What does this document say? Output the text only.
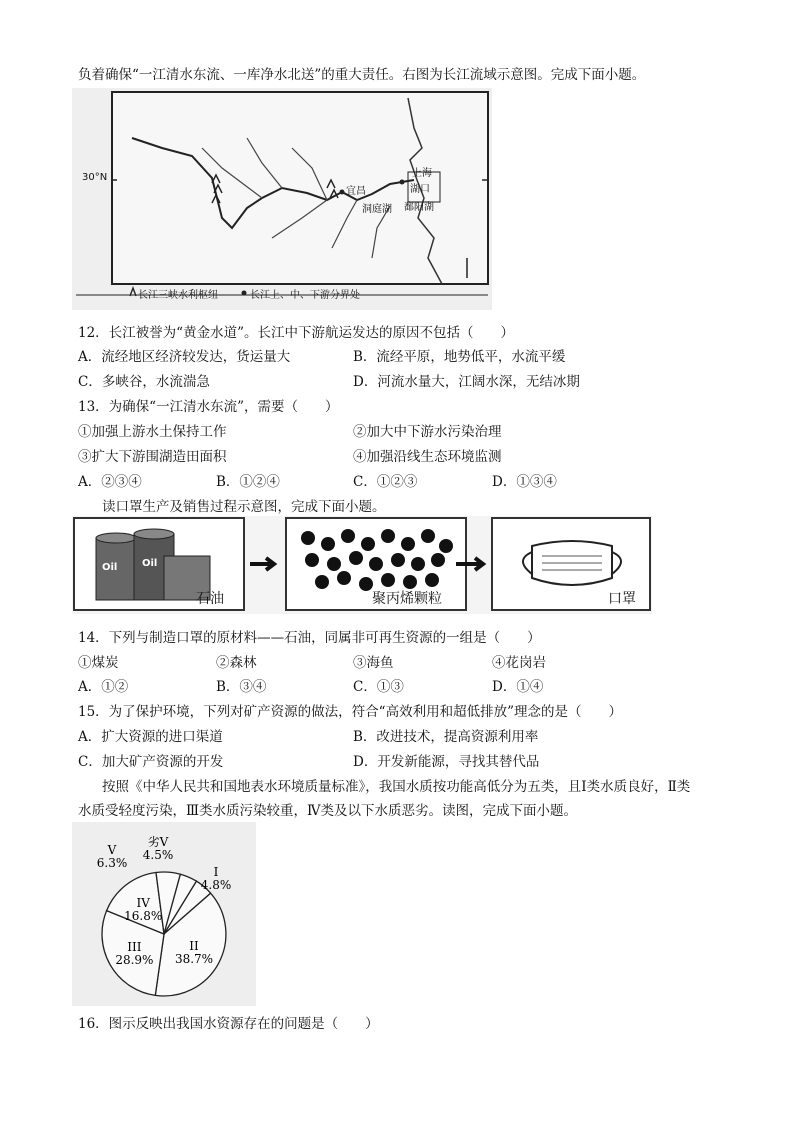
负着确保“一江清水东流、一库净水北送”的重大责任。右图为长江流域示意图。完成下面小题。
30°N
宜昌
上海
湖口
洞庭湖 鄱阳湖
长江三峡水利枢纽	长江上、中、下游分界处
12．长江被誉为“黄金水道”。长江中下游航运发达的原因不包括（　　）
A．流经地区经济较发达，货运量大	B．流经平原，地势低平，水流平缓
C．多峡谷，水流湍急	D．河流水量大，江阔水深，无结冰期
13．为确保“一江清水东流”，需要（　　）
①加强上游水土保持工作	②加大中下游水污染治理
③扩大下游围湖造田面积	④加强沿线生态环境监测
A．②③④	B．①②④	C．①②③	D．①③④
读口罩生产及销售过程示意图，完成下面小题。
Oil Oil
石油	聚丙烯颗粒	口罩
14．下列与制造口罩的原材料——石油，同属非可再生资源的一组是（　　）
①煤炭	②森林	③海鱼	④花岗岩
A．①②	B．③④	C．①③	D．①④
15．为了保护环境，下列对矿产资源的做法，符合“高效利用和超低排放”理念的是（　　）
A．扩大资源的进口渠道	B．改进技术，提高资源利用率
C．加大矿产资源的开发	D．开发新能源，寻找其替代品
按照《中华人民共和国地表水环境质量标准》，我国水质按功能高低分为五类，且Ⅰ类水质良好，Ⅱ类
水质受轻度污染，Ⅲ类水质污染较重，Ⅳ类及以下水质恶劣。读图，完成下面小题。
I
4.8%
II
38.7%
III
28.9%
IV
16.8%
V
6.3%
劣V
4.5%
16．图示反映出我国水资源存在的问题是（　　）
